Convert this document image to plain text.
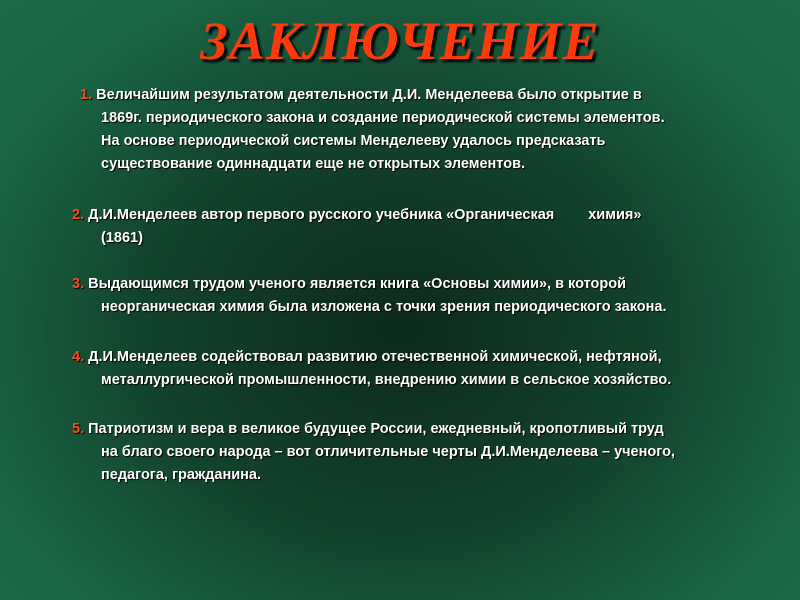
ЗАКЛЮЧЕНИЕ
1. Величайшим результатом деятельности Д.И. Менделеева было открытие в
1869г. периодического закона и создание периодической системы элементов.
На основе периодической системы Менделееву удалось предсказать
существование одиннадцати еще не открытых элементов.
2. Д.И.Менделеев автор первого русского учебника «Органическая химия»
(1861)
3. Выдающимся трудом ученого является книга «Основы химии», в которой
неорганическая химия была изложена с точки зрения периодического закона.
4. Д.И.Менделеев содействовал развитию отечественной химической, нефтяной,
металлургической промышленности, внедрению химии в сельское хозяйство.
5. Патриотизм и вера в великое будущее России, ежедневный, кропотливый труд
на благо своего народа – вот отличительные черты Д.И.Менделеева – ученого,
педагога, гражданина.
